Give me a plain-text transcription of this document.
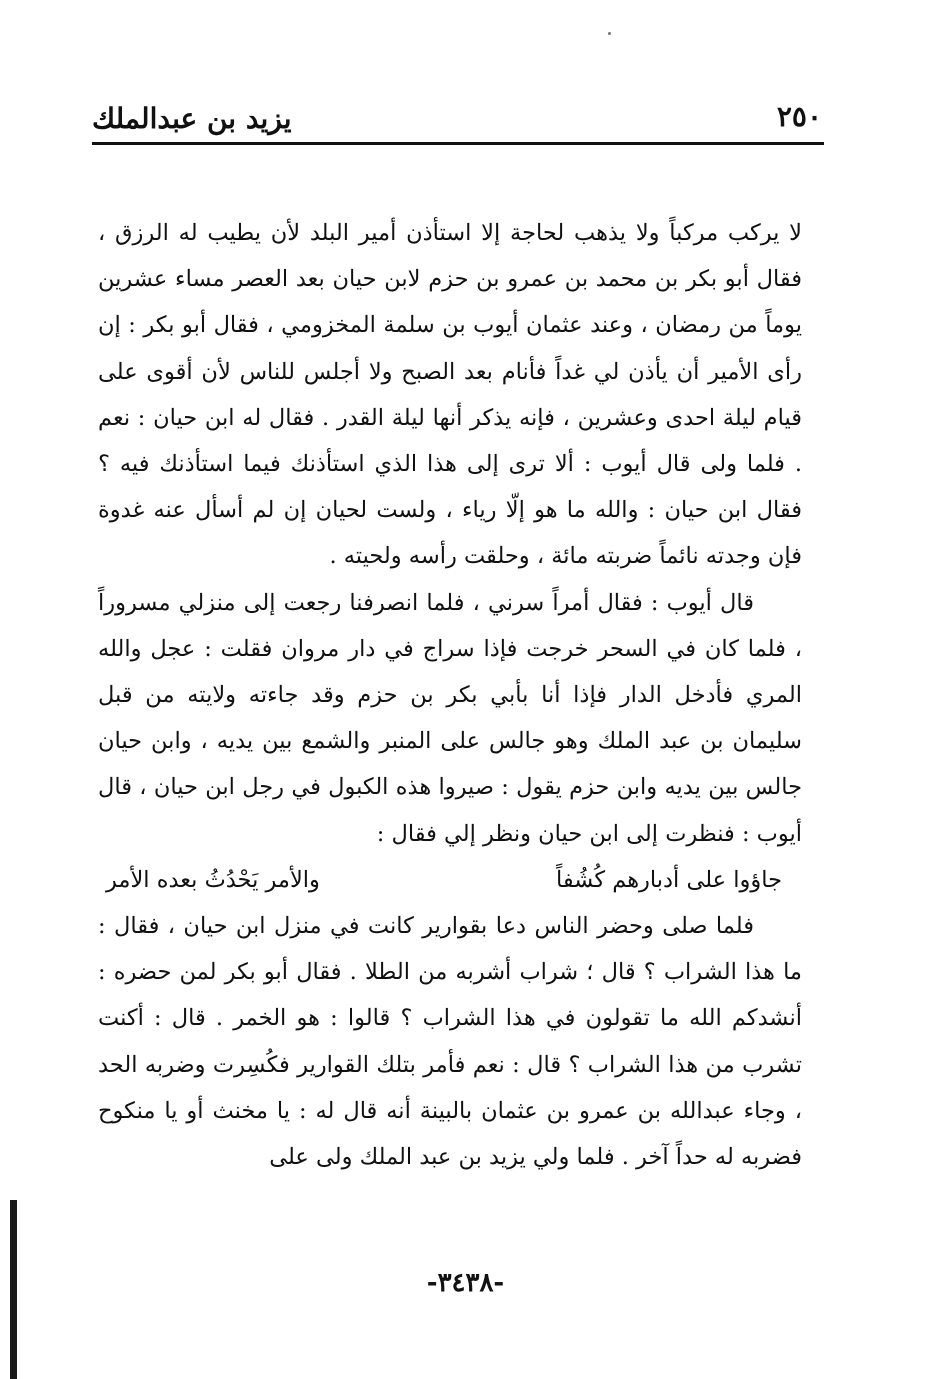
٢٥٠
يزيد بن عبدالملك

لا يركب مركباً ولا يذهب لحاجة إلا استأذن أمير البلد لأن يطيب له الرزق ، فقال أبو بكر بن محمد بن عمرو بن حزم لابن حيان بعد العصر مساء عشرين يوماً من رمضان ، وعند عثمان أيوب بن سلمة المخزومي ، فقال أبو بكر : إن رأى الأمير أن يأذن لي غداً فأنام بعد الصبح ولا أجلس للناس لأن أقوى على قيام ليلة احدى وعشرين ، فإنه يذكر أنها ليلة القدر . فقال له ابن حيان : نعم . فلما ولى قال أيوب : ألا ترى إلى هذا الذي استأذنك فيما استأذنك فيه ؟ فقال ابن حيان : والله ما هو إلّا رياء ، ولست لحيان إن لم أسأل عنه غدوة فإن وجدته نائماً ضربته مائة ، وحلقت رأسه ولحيته .

قال أيوب : فقال أمراً سرني ، فلما انصرفنا رجعت إلى منزلي مسروراً ، فلما كان في السحر خرجت فإذا سراج في دار مروان فقلت : عجل والله المري فأدخل الدار فإذا أنا بأبي بكر بن حزم وقد جاءته ولايته من قبل سليمان بن عبد الملك وهو جالس على المنبر والشمع بين يديه ، وابن حيان جالس بين يديه وابن حزم يقول : صيروا هذه الكبول في رجل ابن حيان ، قال أيوب : فنظرت إلى ابن حيان ونظر إلي فقال :

جاؤوا على أدبارهم كُشُفاً
والأمر يَحْدُثُ بعده الأمر

فلما صلى وحضر الناس دعا بقوارير كانت في منزل ابن حيان ، فقال : ما هذا الشراب ؟ قال ؛ شراب أشربه من الطلا . فقال أبو بكر لمن حضره : أنشدكم الله ما تقولون في هذا الشراب ؟ قالوا : هو الخمر . قال : أكنت تشرب من هذا الشراب ؟ قال : نعم فأمر بتلك القوارير فكُسِرت وضربه الحد ، وجاء عبدالله بن عمرو بن عثمان بالبينة أنه قال له : يا مخنث أو يا منكوح فضربه له حداً آخر . فلما ولي يزيد بن عبد الملك ولى على

-٣٤٣٨-
